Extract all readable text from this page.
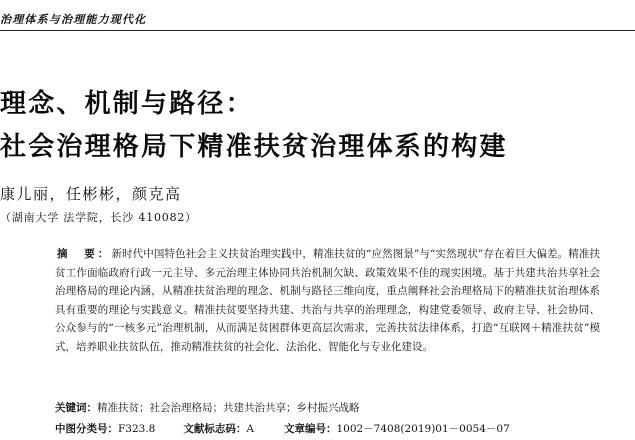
治理体系与治理能力现代化
理念、机制与路径：
社会治理格局下精准扶贫治理体系的构建
康儿丽，任彬彬，颜克高
（湖南大学 法学院，长沙 410082）
摘　要：新时代中国特色社会主义扶贫治理实践中，精准扶贫的“应然图景”与“实然现状”存在着巨大偏差。精准扶贫工作面临政府行政一元主导、多元治理主体协同共治机制欠缺、政策效果不佳的现实困境。基于共建共治共享社会治理格局的理论内涵，从精准扶贫治理的理念、机制与路径三维向度，重点阐释社会治理格局下的精准扶贫治理体系具有重要的理论与实践意义。精准扶贫要坚持共建、共治与共享的治理理念，构建党委领导、政府主导、社会协同、公众参与的“一核多元”治理机制，从而满足贫困群体更高层次需求，完善扶贫法律体系，打造“互联网＋精准扶贫”模式，培养职业扶贫队伍，推动精准扶贫的社会化、法治化、智能化与专业化建设。
关键词：精准扶贫；社会治理格局；共建共治共享；乡村振兴战略
中图分类号：F323.8	文献标志码：A	文章编号：1002－7408(2019)01－0054－07
